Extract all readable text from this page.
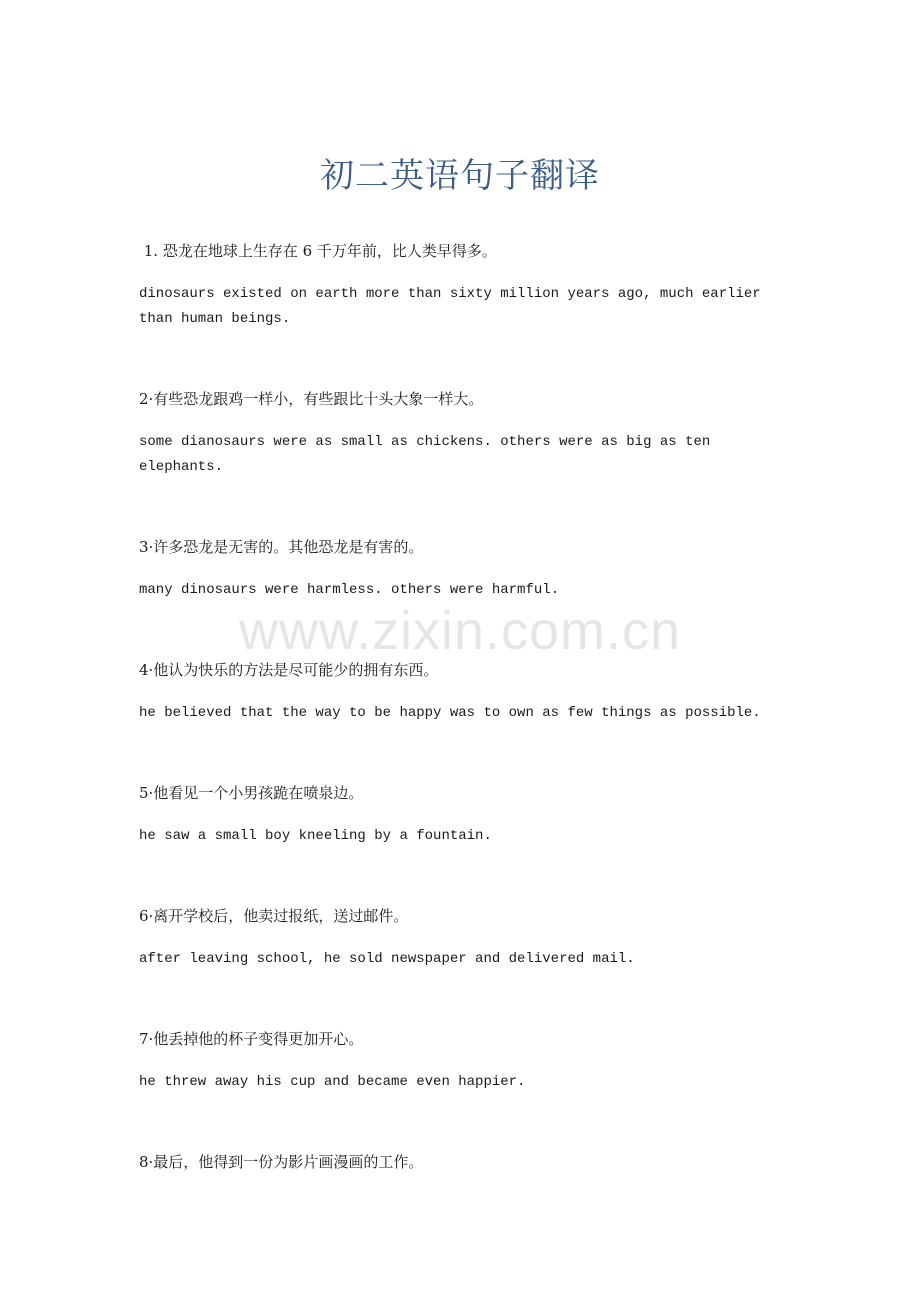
www.zixin.com.cn
初二英语句子翻译

1. 恐龙在地球上生存在 6 千万年前，比人类早得多。

dinosaurs existed on earth more than sixty million years ago, much earlier than human beings.

2·有些恐龙跟鸡一样小，有些跟比十头大象一样大。

some dianosaurs were as small as chickens. others were as big as ten elephants.

3·许多恐龙是无害的。其他恐龙是有害的。

many dinosaurs were harmless. others were harmful.

4·他认为快乐的方法是尽可能少的拥有东西。

he believed that the way to be happy was to own as few things as possible.

5·他看见一个小男孩跪在喷泉边。

he saw a small boy kneeling by a fountain.

6·离开学校后，他卖过报纸，送过邮件。

after leaving school, he sold newspaper and delivered mail.

7·他丢掉他的杯子变得更加开心。

he threw away his cup and became even happier.

8·最后，他得到一份为影片画漫画的工作。
